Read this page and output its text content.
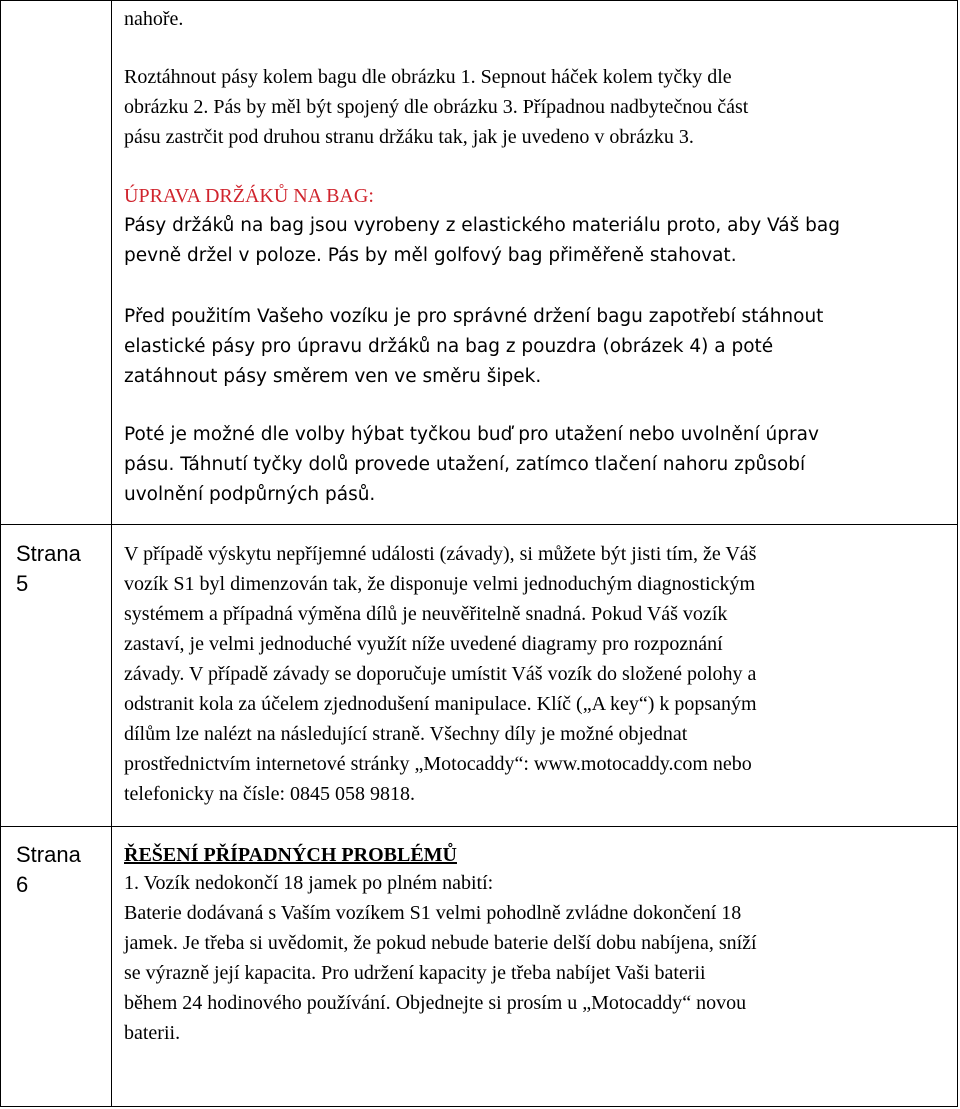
nahoře.
Roztáhnout pásy kolem bagu dle obrázku 1. Sepnout háček kolem tyčky dle
obrázku 2. Pás by měl být spojený dle obrázku 3. Případnou nadbytečnou část
pásu zastrčit pod druhou stranu držáku tak, jak je uvedeno v obrázku 3.
ÚPRAVA DRŽÁKŮ NA BAG:
Pásy držáků na bag jsou vyrobeny z elastického materiálu proto, aby Váš bag
pevně držel v poloze. Pás by měl golfový bag přiměřeně stahovat.
Před použitím Vašeho vozíku je pro správné držení bagu zapotřebí stáhnout
elastické pásy pro úpravu držáků na bag z pouzdra (obrázek 4) a poté
zatáhnout pásy směrem ven ve směru šipek.
Poté je možné dle volby hýbat tyčkou buď pro utažení nebo uvolnění úprav
pásu. Táhnutí tyčky dolů provede utažení, zatímco tlačení nahoru způsobí
uvolnění podpůrných pásů.
Strana
5
V případě výskytu nepříjemné události (závady), si můžete být jisti tím, že Váš
vozík S1 byl dimenzován tak, že disponuje velmi jednoduchým diagnostickým
systémem a případná výměna dílů je neuvěřitelně snadná. Pokud Váš vozík
zastaví, je velmi jednoduché využít níže uvedené diagramy pro rozpoznání
závady. V případě závady se doporučuje umístit Váš vozík do složené polohy a
odstranit kola za účelem zjednodušení manipulace. Klíč („A key“) k popsaným
dílům lze nalézt na následující straně. Všechny díly je možné objednat
prostřednictvím internetové stránky „Motocaddy“: www.motocaddy.com nebo
telefonicky na čísle: 0845 058 9818.
Strana
6
ŘEŠENÍ PŘÍPADNÝCH PROBLÉMŮ
1. Vozík nedokončí 18 jamek po plném nabití:
Baterie dodávaná s Vaším vozíkem S1 velmi pohodlně zvládne dokončení 18
jamek. Je třeba si uvědomit, že pokud nebude baterie delší dobu nabíjena, sníží
se výrazně její kapacita. Pro udržení kapacity je třeba nabíjet Vaši baterii
během 24 hodinového používání. Objednejte si prosím u „Motocaddy“ novou
baterii.
